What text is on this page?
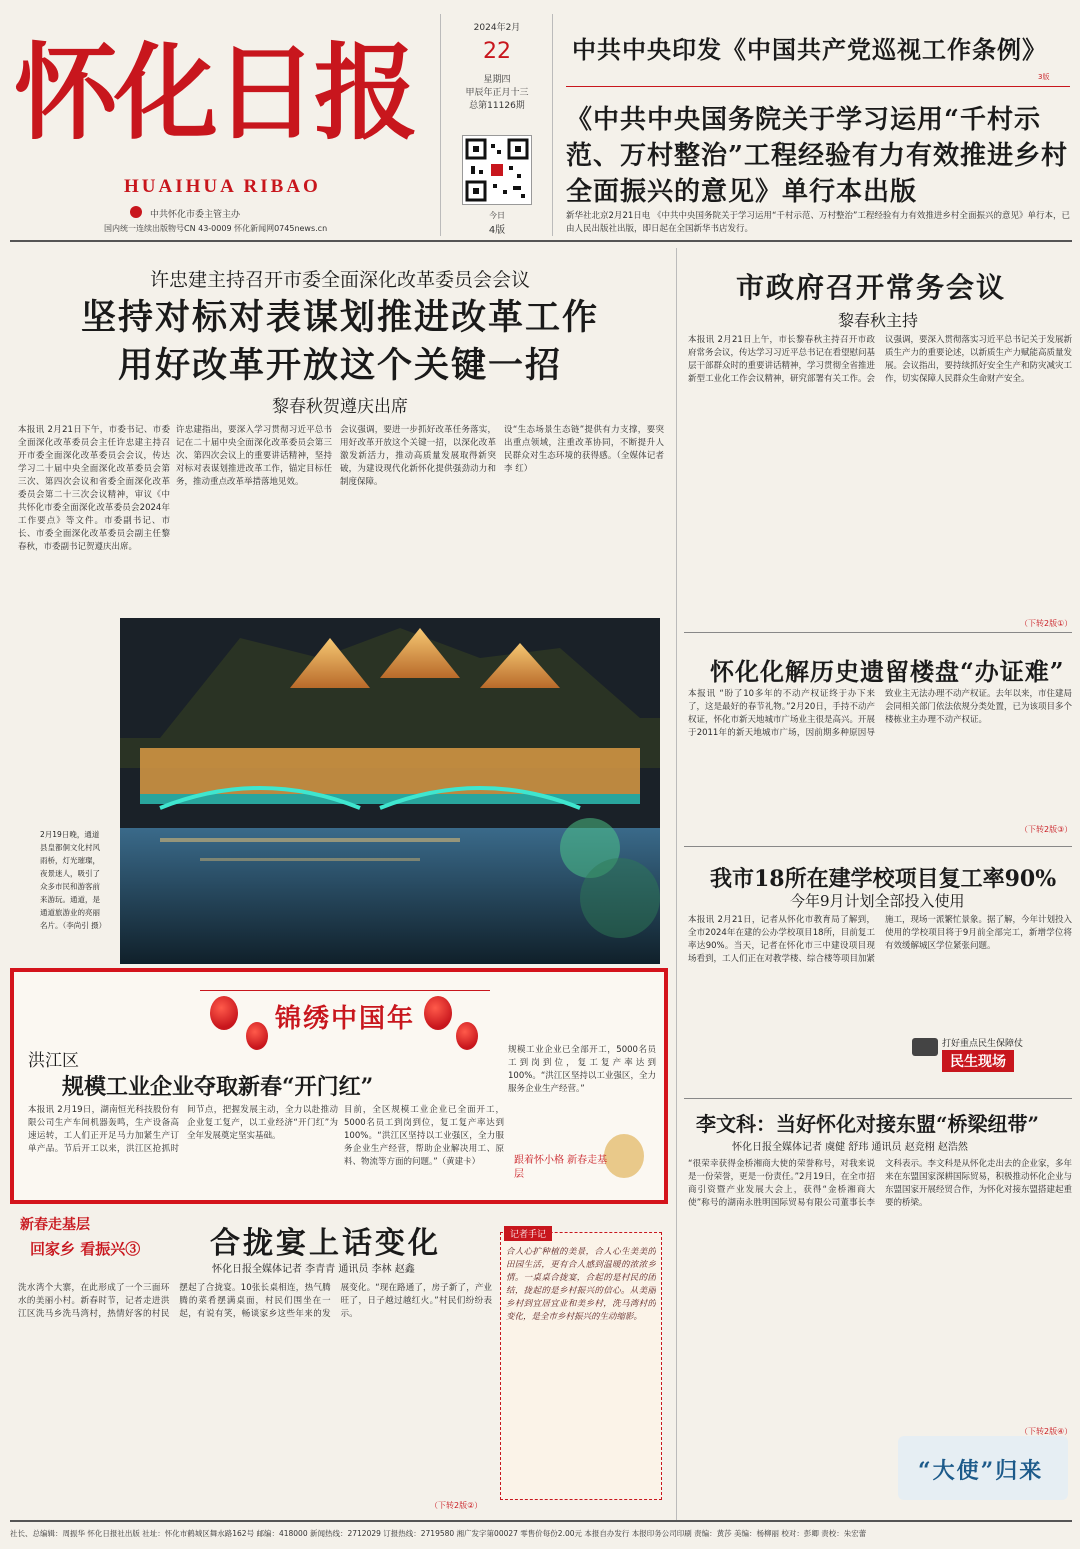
怀化日报
HUAIHUA RIBAO
中共怀化市委主管主办
国内统一连续出版物号CN 43-0009 怀化新闻网0745news.cn
2024年2月
22
星期四
甲辰年正月十三
总第11126期
今日
4版
中共中央印发《中国共产党巡视工作条例》
3版
《中共中央国务院关于学习运用“千村示范、万村整治”工程经验有力有效推进乡村全面振兴的意见》单行本出版
新华社北京2月21日电 《中共中央国务院关于学习运用“千村示范、万村整治”工程经验有力有效推进乡村全面振兴的意见》单行本，已由人民出版社出版，即日起在全国新华书店发行。
许忠建主持召开市委全面深化改革委员会会议
坚持对标对表谋划推进改革工作
用好改革开放这个关键一招
黎春秋贺遵庆出席
本报讯 2月21日下午，市委书记、市委全面深化改革委员会主任许忠建主持召开市委全面深化改革委员会会议，传达学习二十届中央全面深化改革委员会第三次、第四次会议和省委全面深化改革委员会第二十三次会议精神，审议《中共怀化市委全面深化改革委员会2024年工作要点》等文件。市委副书记、市长、市委全面深化改革委员会副主任黎春秋，市委副书记贺遵庆出席。
许忠建指出，要深入学习贯彻习近平总书记在二十届中央全面深化改革委员会第三次、第四次会议上的重要讲话精神，坚持对标对表谋划推进改革工作，锚定目标任务，推动重点改革举措落地见效。
会议强调，要进一步抓好改革任务落实，用好改革开放这个关键一招，以深化改革激发新活力，推动高质量发展取得新突破，为建设现代化新怀化提供强劲动力和制度保障。
设“生态场景生态链”提供有力支撑，要突出重点领域，注重改革协同，不断提升人民群众对生态环境的获得感。（全媒体记者 李 红）
2月19日晚，通道县皇都侗文化村风雨桥，灯光璀璨，夜景迷人，吸引了众多市民和游客前来游玩。通道，是通道旅游业的亮丽名片。（李尚引 摄）
市政府召开常务会议
黎春秋主持
本报讯 2月21日上午，市长黎春秋主持召开市政府常务会议，传达学习习近平总书记在看望慰问基层干部群众时的重要讲话精神，学习贯彻全省推进新型工业化工作会议精神，研究部署有关工作。会议强调，要深入贯彻落实习近平总书记关于发展新质生产力的重要论述，以新质生产力赋能高质量发展。会议指出，要持续抓好安全生产和防灾减灾工作，切实保障人民群众生命财产安全。
（下转2版①）
怀化化解历史遗留楼盘“办证难”
本报讯 “盼了10多年的不动产权证终于办下来了，这是最好的春节礼物。”2月20日，手持不动产权证，怀化市新天地城市广场业主很是高兴。开展于2011年的新天地城市广场，因前期多种原因导致业主无法办理不动产权证。去年以来，市住建局会同相关部门依法依规分类处置，已为该项目多个楼栋业主办理不动产权证。
（下转2版③）
我市18所在建学校项目复工率90%
今年9月计划全部投入使用
本报讯 2月21日，记者从怀化市教育局了解到，全市2024年在建的公办学校项目18所，目前复工率达90%。当天，记者在怀化市三中建设项目现场看到，工人们正在对教学楼、综合楼等项目加紧施工，现场一派繁忙景象。据了解，今年计划投入使用的学校项目将于9月前全部完工，新增学位将有效缓解城区学位紧张问题。
打好重点民生保障仗
民生现场
李文科：当好怀化对接东盟“桥梁纽带”
怀化日报全媒体记者 虞健 舒玮 通讯员 赵竞栩 赵浩然
“很荣幸获得金桥湘商大使的荣誉称号，对我来说是一份荣誉，更是一份责任。”2月19日，在全市招商引资暨产业发展大会上，获得“金桥湘商大使”称号的湖南永胜明国际贸易有限公司董事长李文科表示。李文科是从怀化走出去的企业家，多年来在东盟国家深耕国际贸易，积极推动怀化企业与东盟国家开展经贸合作，为怀化对接东盟搭建起重要的桥梁。
（下转2版④）
“大使”归来
锦绣中国年
洪江区
规模工业企业夺取新春“开门红”
本报讯 2月19日，湖南恒光科技股份有限公司生产车间机器轰鸣，生产设备高速运转，工人们正开足马力加紧生产订单产品。节后开工以来，洪江区抢抓时间节点，把握发展主动，全力以赴推动企业复工复产，以工业经济“开门红”为全年发展奠定坚实基础。
目前，全区规模工业企业已全面开工，5000名员工到岗到位，复工复产率达到100%。“洪江区坚持以工业强区，全力服务企业生产经营，帮助企业解决用工、原料、物流等方面的问题。”（黄建卡）
规模工业企业已全部开工，5000名员工到岗到位，复工复产率达到100%。“洪江区坚持以工业强区，全力服务企业生产经营。”
跟着怀小格 新春走基层
新春走基层
回家乡 看振兴③ 合拢宴上话变化
怀化日报全媒体记者 李青青 通讯员 李林 赵鑫
洗水湾个大寨，在此形成了一个三面环水的美丽小村。新春时节，记者走进洪江区洗马乡洗马湾村，热情好客的村民摆起了合拢宴。10张长桌相连，热气腾腾的菜肴摆满桌面，村民们围坐在一起，有说有笑，畅谈家乡这些年来的发展变化。“现在路通了，房子新了，产业旺了，日子越过越红火。”村民们纷纷表示。
（下转2版②）
记者手记
合人心扩种植的美景，合人心生美美的田园生活，更有合人感到温暖的浓浓乡情。一桌桌合拢宴，合起的是村民的团结，拢起的是乡村振兴的信心。从美丽乡村到宜居宜业和美乡村，洗马湾村的变化，是全市乡村振兴的生动缩影。
社长、总编辑：周振华 怀化日报社出版 社址：怀化市鹤城区舞水路162号 邮编：418000 新闻热线：2712029 订报热线：2719580 湘广发字第00027 零售价每份2.00元 本报自办发行 本报印务公司印刷 责编：黄莎 美编：杨柳丽 校对：彭卿 责校：朱宏蕾
